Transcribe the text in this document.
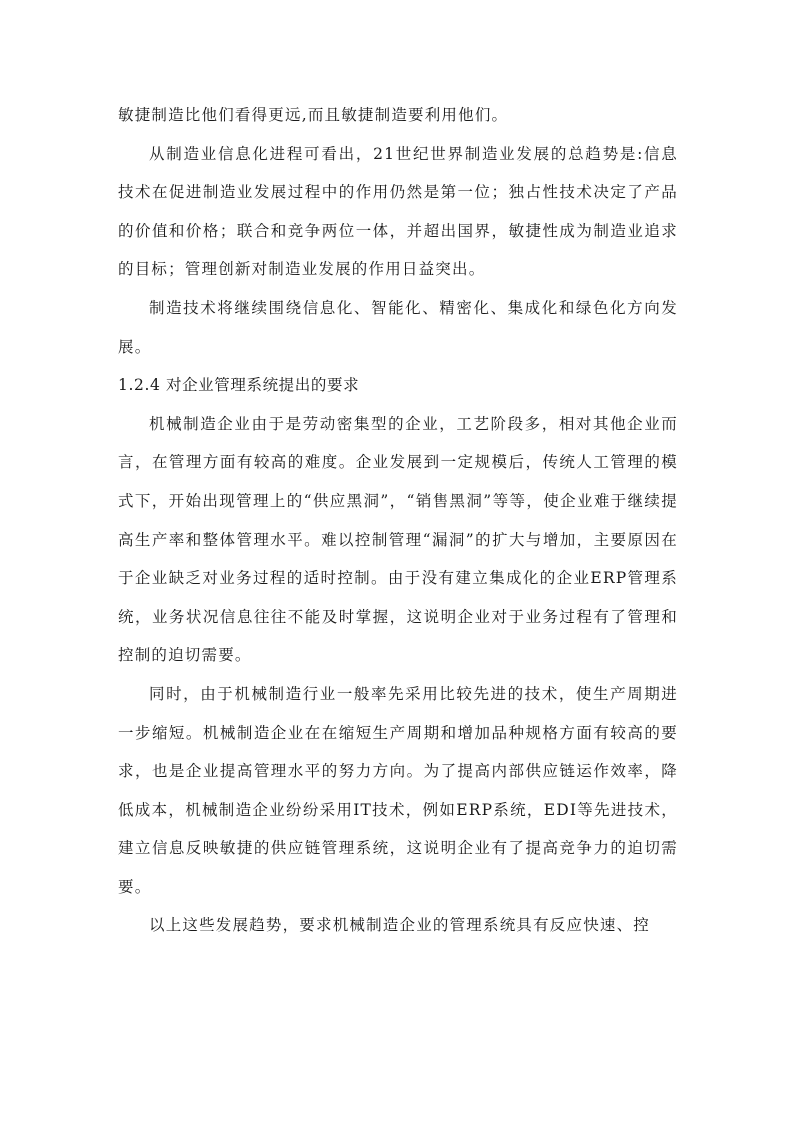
敏捷制造比他们看得更远,而且敏捷制造要利用他们。

从制造业信息化进程可看出，21世纪世界制造业发展的总趋势是:信息技术在促进制造业发展过程中的作用仍然是第一位；独占性技术决定了产品的价值和价格；联合和竞争两位一体，并超出国界，敏捷性成为制造业追求的目标；管理创新对制造业发展的作用日益突出。

制造技术将继续围绕信息化、智能化、精密化、集成化和绿色化方向发展。

1.2.4 对企业管理系统提出的要求

机械制造企业由于是劳动密集型的企业，工艺阶段多，相对其他企业而言，在管理方面有较高的难度。企业发展到一定规模后，传统人工管理的模式下，开始出现管理上的“供应黑洞”，“销售黑洞”等等，使企业难于继续提高生产率和整体管理水平。难以控制管理“漏洞”的扩大与增加，主要原因在于企业缺乏对业务过程的适时控制。由于没有建立集成化的企业ERP管理系统，业务状况信息往往不能及时掌握，这说明企业对于业务过程有了管理和控制的迫切需要。

同时，由于机械制造行业一般率先采用比较先进的技术，使生产周期进一步缩短。机械制造企业在在缩短生产周期和增加品种规格方面有较高的要求，也是企业提高管理水平的努力方向。为了提高内部供应链运作效率，降低成本，机械制造企业纷纷采用IT技术，例如ERP系统，EDI等先进技术，建立信息反映敏捷的供应链管理系统，这说明企业有了提高竞争力的迫切需要。

以上这些发展趋势，要求机械制造企业的管理系统具有反应快速、控
